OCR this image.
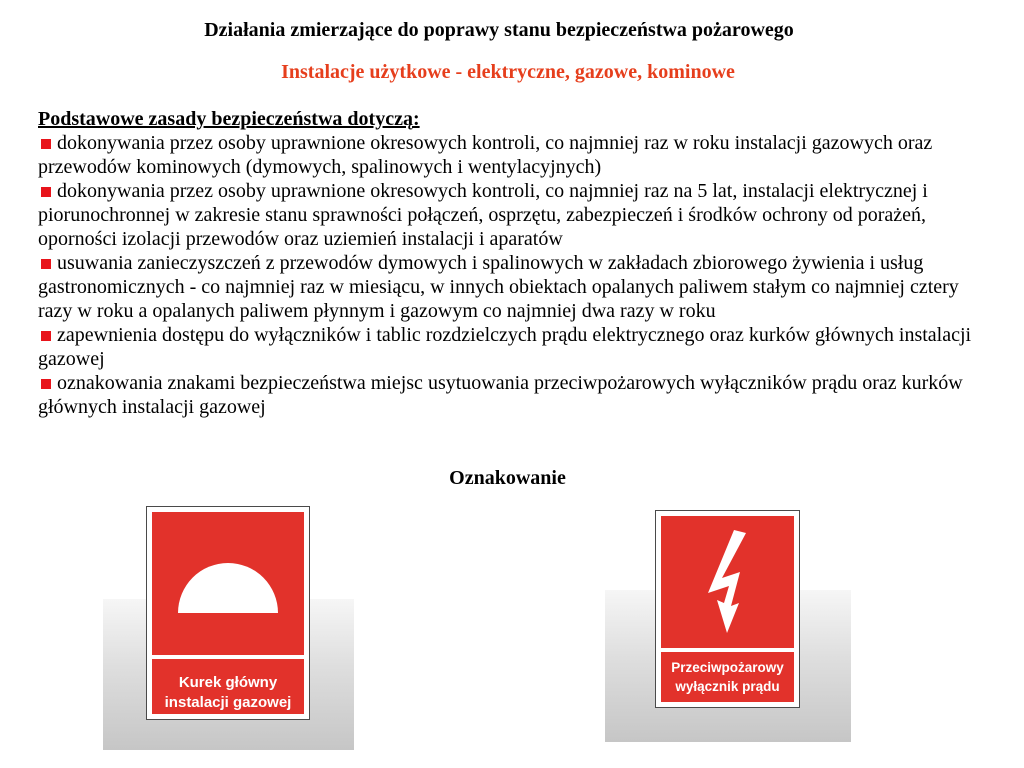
Działania zmierzające do poprawy stanu bezpieczeństwa pożarowego
Instalacje użytkowe - elektryczne, gazowe, kominowe
Podstawowe zasady bezpieczeństwa dotyczą:
dokonywania przez osoby uprawnione okresowych kontroli, co najmniej raz w roku instalacji gazowych oraz przewodów kominowych (dymowych, spalinowych i wentylacyjnych)
dokonywania przez osoby uprawnione okresowych kontroli, co najmniej raz na 5 lat, instalacji elektrycznej i piorunochronnej w zakresie stanu sprawności połączeń, osprzętu, zabezpieczeń i środków ochrony od porażeń, oporności izolacji przewodów oraz uziemień instalacji i aparatów
usuwania zanieczyszczeń z przewodów dymowych i spalinowych w zakładach zbiorowego żywienia i usług gastronomicznych - co najmniej raz w miesiącu, w innych obiektach opalanych paliwem stałym co najmniej cztery razy w roku a opalanych paliwem płynnym i gazowym co najmniej dwa razy w roku
zapewnienia dostępu do wyłączników i tablic rozdzielczych prądu elektrycznego oraz kurków głównych instalacji gazowej
oznakowania znakami bezpieczeństwa miejsc usytuowania przeciwpożarowych wyłączników prądu oraz kurków głównych instalacji gazowej
Oznakowanie
Kurek główny
instalacji gazowej
Przeciwpożarowy
wyłącznik prądu
